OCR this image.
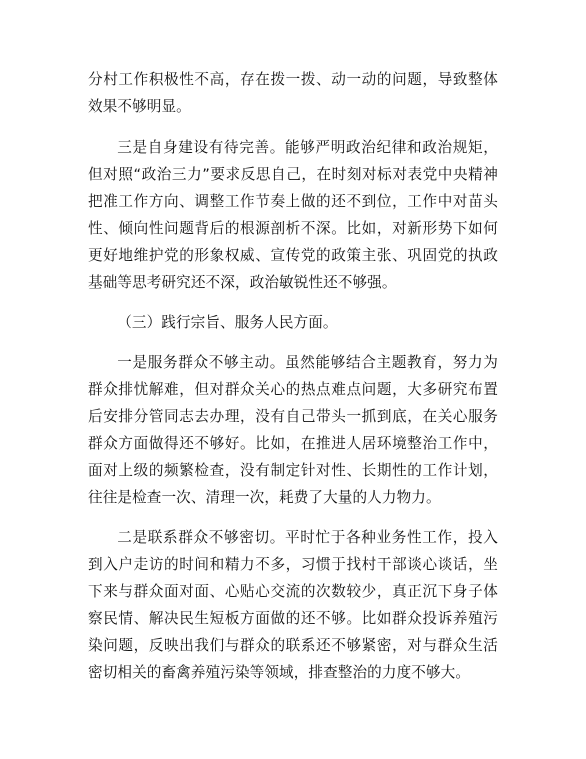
分村工作积极性不高，存在拨一拨、动一动的问题，导致整体效果不够明显。

三是自身建设有待完善。能够严明政治纪律和政治规矩，但对照“政治三力”要求反思自己，在时刻对标对表党中央精神把准工作方向、调整工作节奏上做的还不到位，工作中对苗头性、倾向性问题背后的根源剖析不深。比如，对新形势下如何更好地维护党的形象权威、宣传党的政策主张、巩固党的执政基础等思考研究还不深，政治敏锐性还不够强。

（三）践行宗旨、服务人民方面。

一是服务群众不够主动。虽然能够结合主题教育，努力为群众排忧解难，但对群众关心的热点难点问题，大多研究布置后安排分管同志去办理，没有自己带头一抓到底，在关心服务群众方面做得还不够好。比如，在推进人居环境整治工作中，面对上级的频繁检查，没有制定针对性、长期性的工作计划，往往是检查一次、清理一次，耗费了大量的人力物力。

二是联系群众不够密切。平时忙于各种业务性工作，投入到入户走访的时间和精力不多，习惯于找村干部谈心谈话，坐下来与群众面对面、心贴心交流的次数较少，真正沉下身子体察民情、解决民生短板方面做的还不够。比如群众投诉养殖污染问题，反映出我们与群众的联系还不够紧密，对与群众生活密切相关的畜禽养殖污染等领域，排查整治的力度不够大。
